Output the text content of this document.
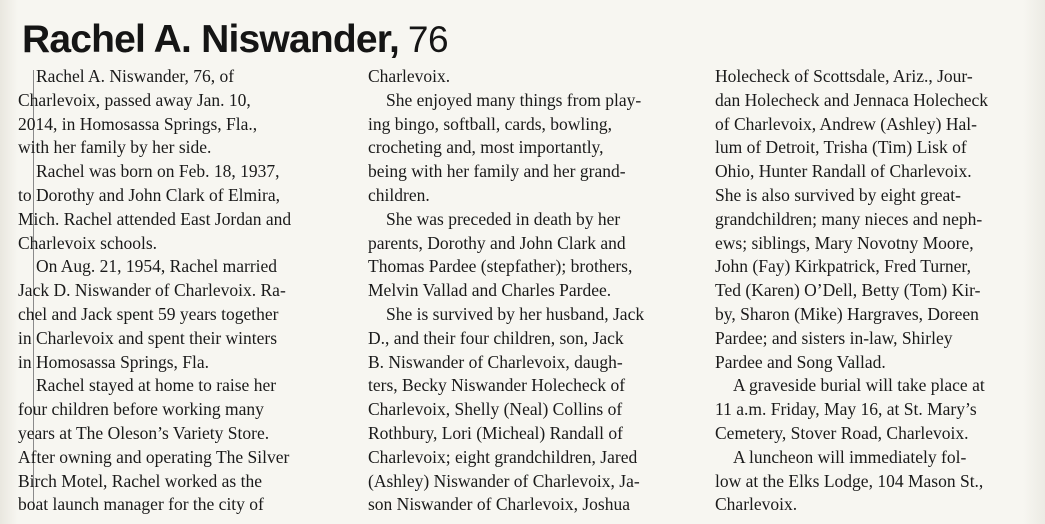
Rachel A. Niswander, 76
Rachel A. Niswander, 76, of
Charlevoix, passed away Jan. 10,
2014, in Homosassa Springs, Fla.,
with her family by her side.
Rachel was born on Feb. 18, 1937,
to Dorothy and John Clark of Elmira,
Mich. Rachel attended East Jordan and
Charlevoix schools.
On Aug. 21, 1954, Rachel married
Jack D. Niswander of Charlevoix. Ra-
chel and Jack spent 59 years together
in Charlevoix and spent their winters
in Homosassa Springs, Fla.
Rachel stayed at home to raise her
four children before working many
years at The Oleson’s Variety Store.
After owning and operating The Silver
Birch Motel, Rachel worked as the
boat launch manager for the city of
Charlevoix.
She enjoyed many things from play-
ing bingo, softball, cards, bowling,
crocheting and, most importantly,
being with her family and her grand-
children.
She was preceded in death by her
parents, Dorothy and John Clark and
Thomas Pardee (stepfather); brothers,
Melvin Vallad and Charles Pardee.
She is survived by her husband, Jack
D., and their four children, son, Jack
B. Niswander of Charlevoix, daugh-
ters, Becky Niswander Holecheck of
Charlevoix, Shelly (Neal) Collins of
Rothbury, Lori (Micheal) Randall of
Charlevoix; eight grandchildren, Jared
(Ashley) Niswander of Charlevoix, Ja-
son Niswander of Charlevoix, Joshua
Holecheck of Scottsdale, Ariz., Jour-
dan Holecheck and Jennaca Holecheck
of Charlevoix, Andrew (Ashley) Hal-
lum of Detroit, Trisha (Tim) Lisk of
Ohio, Hunter Randall of Charlevoix.
She is also survived by eight great-
grandchildren; many nieces and neph-
ews; siblings, Mary Novotny Moore,
John (Fay) Kirkpatrick, Fred Turner,
Ted (Karen) O’Dell, Betty (Tom) Kir-
by, Sharon (Mike) Hargraves, Doreen
Pardee; and sisters in-law, Shirley
Pardee and Song Vallad.
A graveside burial will take place at
11 a.m. Friday, May 16, at St. Mary’s
Cemetery, Stover Road, Charlevoix.
A luncheon will immediately fol-
low at the Elks Lodge, 104 Mason St.,
Charlevoix.
